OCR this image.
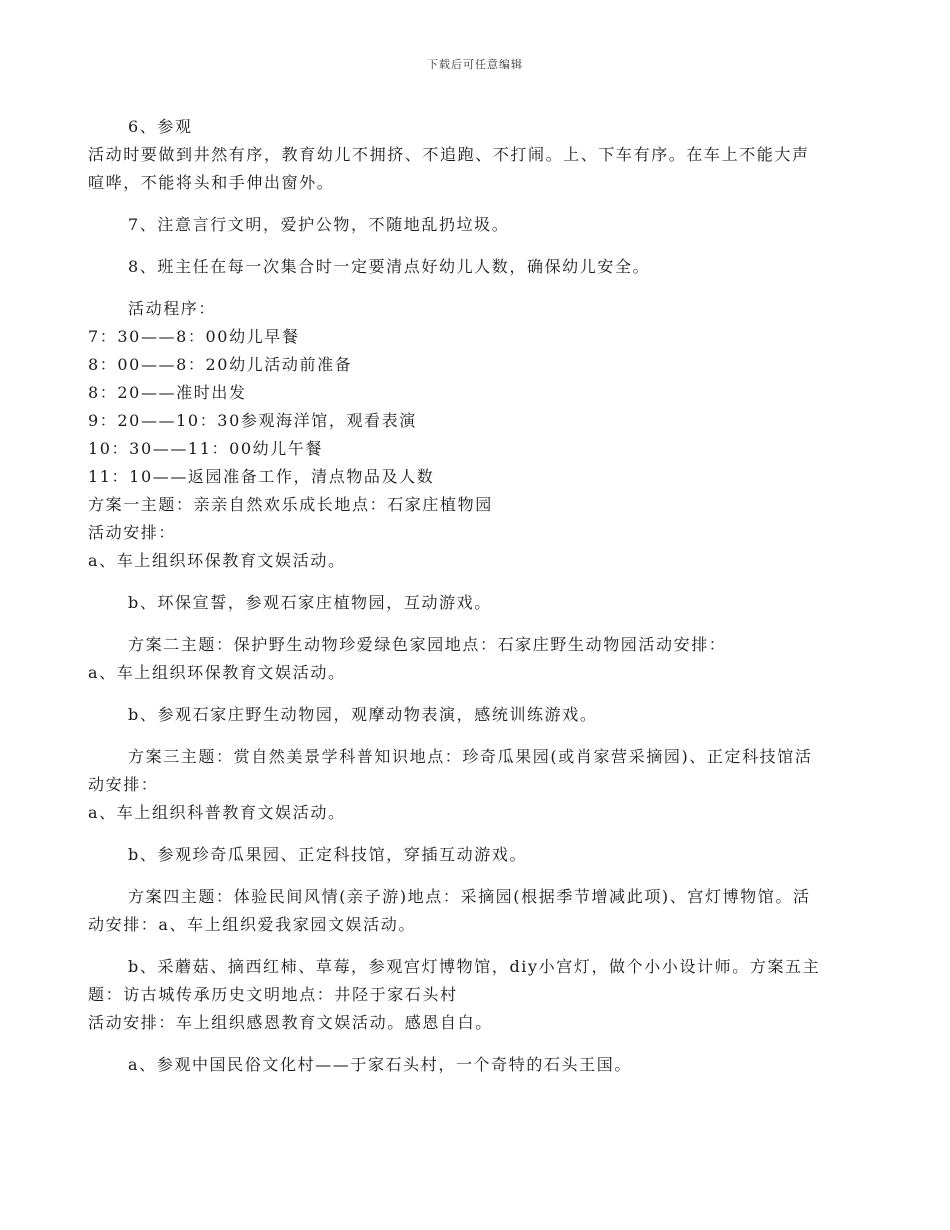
下载后可任意编辑

6、参观

活动时要做到井然有序，教育幼儿不拥挤、不追跑、不打闹。上、下车有序。在车上不能大声

喧哗，不能将头和手伸出窗外。

7、注意言行文明，爱护公物，不随地乱扔垃圾。

8、班主任在每一次集合时一定要清点好幼儿人数，确保幼儿安全。

活动程序：

7：30——8：00幼儿早餐

8：00——8：20幼儿活动前准备

8：20——准时出发

9：20——10：30参观海洋馆，观看表演

10：30——11：00幼儿午餐

11：10——返园准备工作，清点物品及人数

方案一主题：亲亲自然欢乐成长地点：石家庄植物园

活动安排：

a、车上组织环保教育文娱活动。

b、环保宣誓，参观石家庄植物园，互动游戏。

方案二主题：保护野生动物珍爱绿色家园地点：石家庄野生动物园活动安排：

a、车上组织环保教育文娱活动。

b、参观石家庄野生动物园，观摩动物表演，感统训练游戏。

方案三主题：赏自然美景学科普知识地点：珍奇瓜果园(或肖家营采摘园)、正定科技馆活

动安排：

a、车上组织科普教育文娱活动。

b、参观珍奇瓜果园、正定科技馆，穿插互动游戏。

方案四主题：体验民间风情(亲子游)地点：采摘园(根据季节增减此项)、宫灯博物馆。活

动安排：a、车上组织爱我家园文娱活动。

b、采蘑菇、摘西红柿、草莓，参观宫灯博物馆，diy小宫灯，做个小小设计师。方案五主

题：访古城传承历史文明地点：井陉于家石头村

活动安排：车上组织感恩教育文娱活动。感恩自白。

a、参观中国民俗文化村——于家石头村，一个奇特的石头王国。
